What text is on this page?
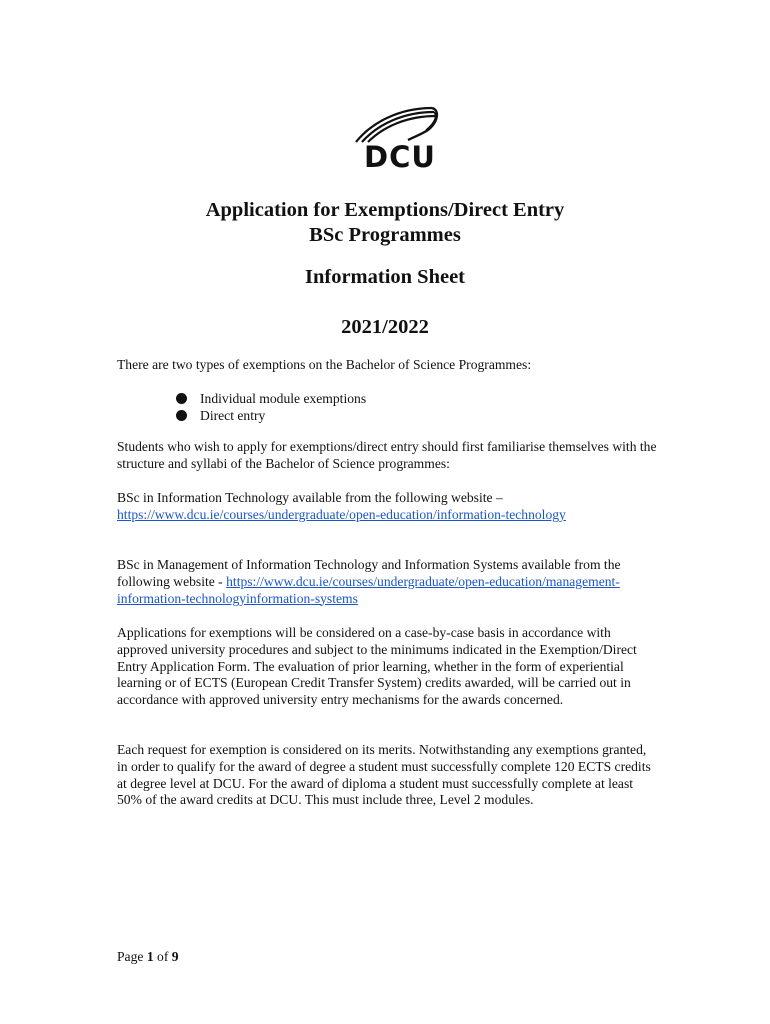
DCU
Application for Exemptions/Direct Entry
BSc Programmes
Information Sheet
2021/2022
There are two types of exemptions on the Bachelor of Science Programmes:
Individual module exemptions
Direct entry
Students who wish to apply for exemptions/direct entry should first familiarise themselves with the structure and syllabi of the Bachelor of Science programmes:
BSc in Information Technology available from the following website –
https://www.dcu.ie/courses/undergraduate/open-education/information-technology
BSc in Management of Information Technology and Information Systems available from the following website - https://www.dcu.ie/courses/undergraduate/open-education/management-information-technologyinformation-systems
Applications for exemptions will be considered on a case-by-case basis in accordance with approved university procedures and subject to the minimums indicated in the Exemption/Direct Entry Application Form. The evaluation of prior learning, whether in the form of experiential learning or of ECTS (European Credit Transfer System) credits awarded, will be carried out in accordance with approved university entry mechanisms for the awards concerned.
Each request for exemption is considered on its merits. Notwithstanding any exemptions granted, in order to qualify for the award of degree a student must successfully complete 120 ECTS credits at degree level at DCU. For the award of diploma a student must successfully complete at least 50% of the award credits at DCU. This must include three, Level 2 modules.
Page 1 of 9
